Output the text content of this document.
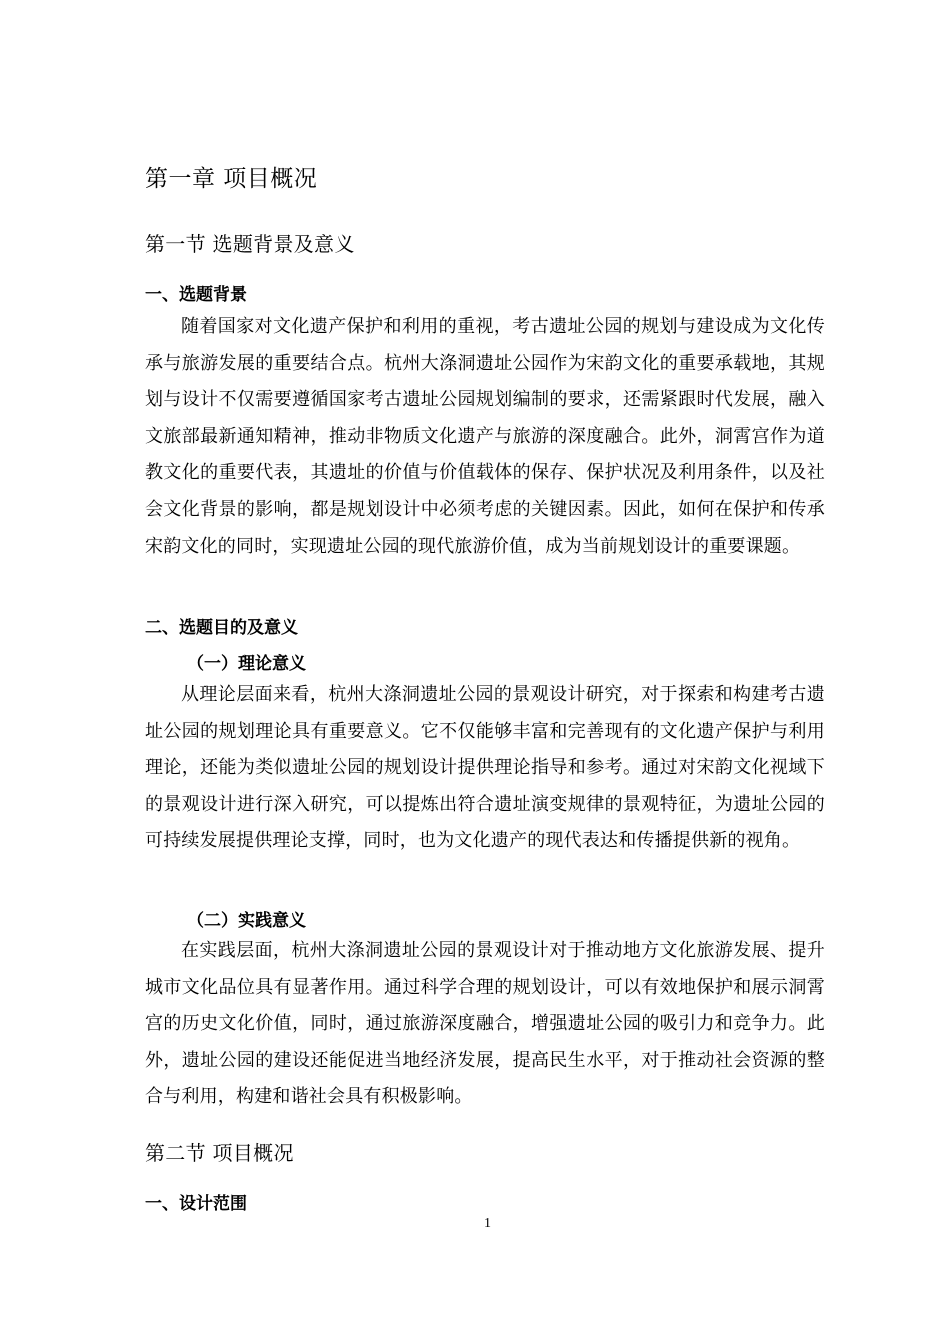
第一章 项目概况
第一节 选题背景及意义
一、选题背景

随着国家对文化遗产保护和利用的重视，考古遗址公园的规划与建设成为文化传承与旅游发展的重要结合点。杭州大涤洞遗址公园作为宋韵文化的重要承载地，其规划与设计不仅需要遵循国家考古遗址公园规划编制的要求，还需紧跟时代发展，融入文旅部最新通知精神，推动非物质文化遗产与旅游的深度融合。此外，洞霄宫作为道教文化的重要代表，其遗址的价值与价值载体的保存、保护状况及利用条件，以及社会文化背景的影响，都是规划设计中必须考虑的关键因素。因此，如何在保护和传承宋韵文化的同时，实现遗址公园的现代旅游价值，成为当前规划设计的重要课题。

二、选题目的及意义
（一）理论意义

从理论层面来看，杭州大涤洞遗址公园的景观设计研究，对于探索和构建考古遗址公园的规划理论具有重要意义。它不仅能够丰富和完善现有的文化遗产保护与利用理论，还能为类似遗址公园的规划设计提供理论指导和参考。通过对宋韵文化视域下的景观设计进行深入研究，可以提炼出符合遗址演变规律的景观特征，为遗址公园的可持续发展提供理论支撑，同时，也为文化遗产的现代表达和传播提供新的视角。

（二）实践意义

在实践层面，杭州大涤洞遗址公园的景观设计对于推动地方文化旅游发展、提升城市文化品位具有显著作用。通过科学合理的规划设计，可以有效地保护和展示洞霄宫的历史文化价值，同时，通过旅游深度融合，增强遗址公园的吸引力和竞争力。此外，遗址公园的建设还能促进当地经济发展，提高民生水平，对于推动社会资源的整合与利用，构建和谐社会具有积极影响。

第二节 项目概况
一、设计范围
1
